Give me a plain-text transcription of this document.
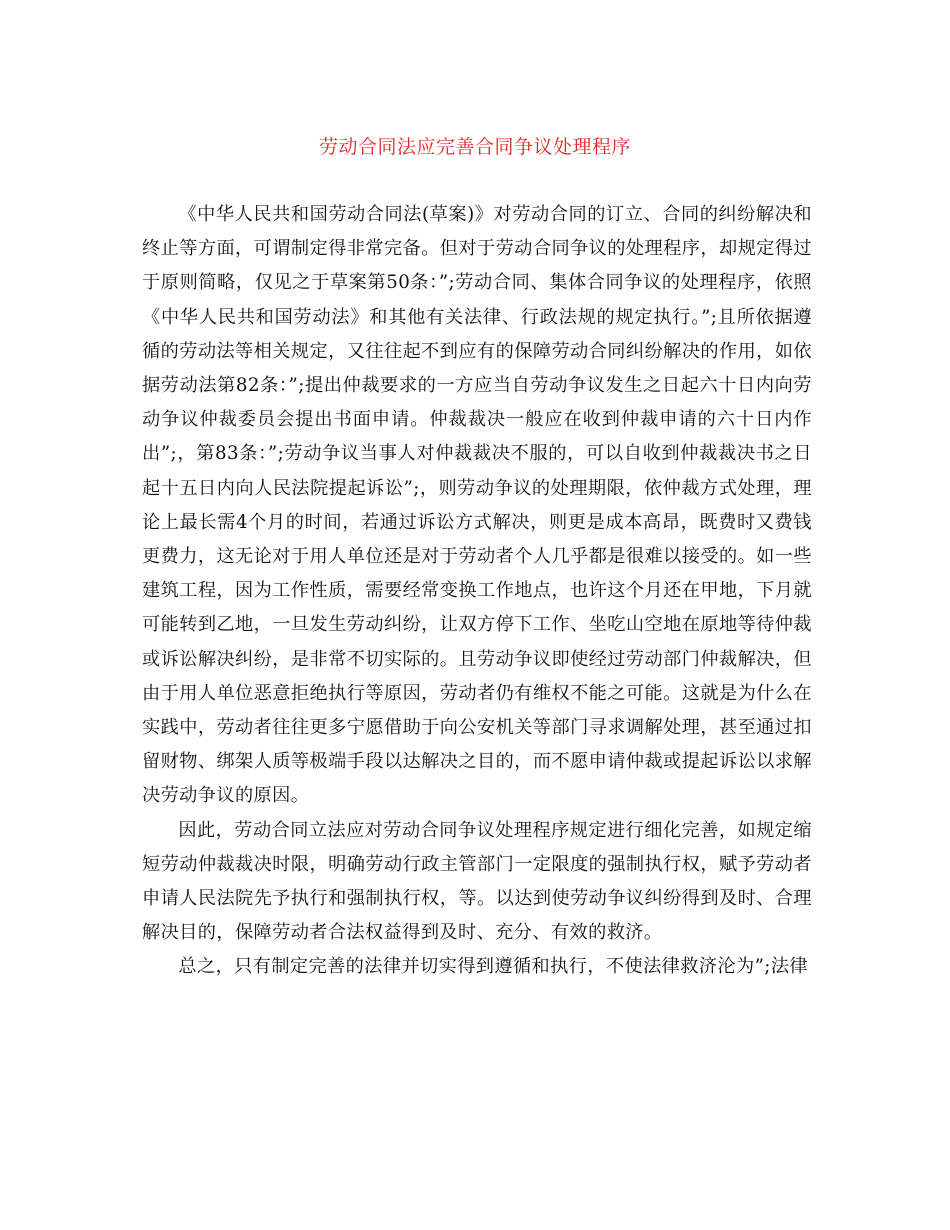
劳动合同法应完善合同争议处理程序

《中华人民共和国劳动合同法(草案)》对劳动合同的订立、合同的纠纷解决和终止等方面，可谓制定得非常完备。但对于劳动合同争议的处理程序，却规定得过于原则简略，仅见之于草案第50条：”;劳动合同、集体合同争议的处理程序，依照《中华人民共和国劳动法》和其他有关法律、行政法规的规定执行。”;且所依据遵循的劳动法等相关规定，又往往起不到应有的保障劳动合同纠纷解决的作用，如依据劳动法第82条：”;提出仲裁要求的一方应当自劳动争议发生之日起六十日内向劳动争议仲裁委员会提出书面申请。仲裁裁决一般应在收到仲裁申请的六十日内作出”;，第83条：”;劳动争议当事人对仲裁裁决不服的，可以自收到仲裁裁决书之日起十五日内向人民法院提起诉讼”;，则劳动争议的处理期限，依仲裁方式处理，理论上最长需4个月的时间，若通过诉讼方式解决，则更是成本高昂，既费时又费钱更费力，这无论对于用人单位还是对于劳动者个人几乎都是很难以接受的。如一些建筑工程，因为工作性质，需要经常变换工作地点，也许这个月还在甲地，下月就可能转到乙地，一旦发生劳动纠纷，让双方停下工作、坐吃山空地在原地等待仲裁或诉讼解决纠纷，是非常不切实际的。且劳动争议即使经过劳动部门仲裁解决，但由于用人单位恶意拒绝执行等原因，劳动者仍有维权不能之可能。这就是为什么在实践中，劳动者往往更多宁愿借助于向公安机关等部门寻求调解处理，甚至通过扣留财物、绑架人质等极端手段以达解决之目的，而不愿申请仲裁或提起诉讼以求解决劳动争议的原因。

因此，劳动合同立法应对劳动合同争议处理程序规定进行细化完善，如规定缩短劳动仲裁裁决时限，明确劳动行政主管部门一定限度的强制执行权，赋予劳动者申请人民法院先予执行和强制执行权，等。以达到使劳动争议纠纷得到及时、合理解决目的，保障劳动者合法权益得到及时、充分、有效的救济。

总之，只有制定完善的法律并切实得到遵循和执行，不使法律救济沦为”;法律
